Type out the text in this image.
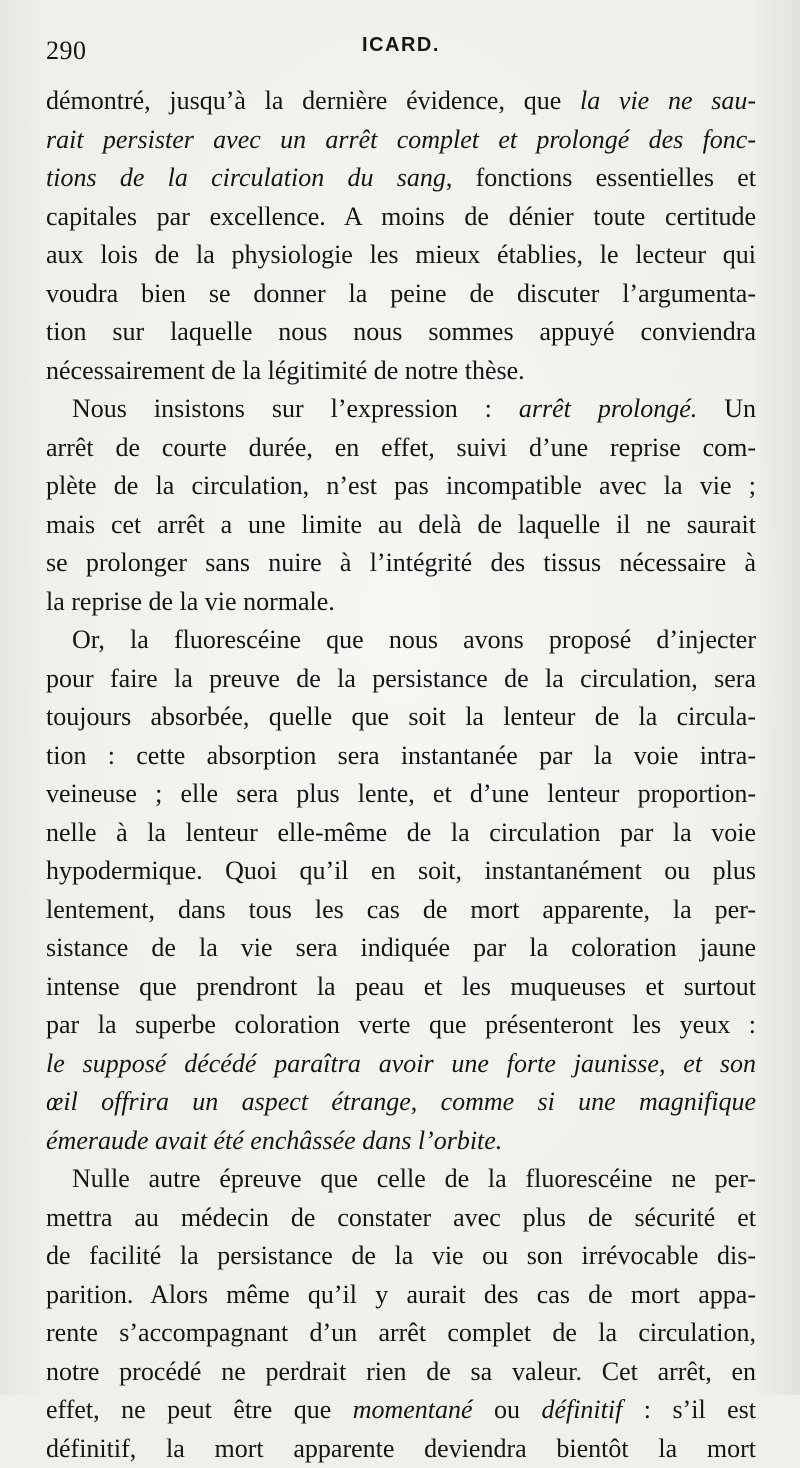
290	ICARD.
démontré, jusqu’à la dernière évidence, que la vie ne sau-
rait persister avec un arrêt complet et prolongé des fonc-
tions de la circulation du sang, fonctions essentielles et
capitales par excellence. A moins de dénier toute certitude
aux lois de la physiologie les mieux établies, le lecteur qui
voudra bien se donner la peine de discuter l’argumenta-
tion sur laquelle nous nous sommes appuyé conviendra
nécessairement de la légitimité de notre thèse.
Nous insistons sur l’expression : arrêt prolongé. Un
arrêt de courte durée, en effet, suivi d’une reprise com-
plète de la circulation, n’est pas incompatible avec la vie ;
mais cet arrêt a une limite au delà de laquelle il ne saurait
se prolonger sans nuire à l’intégrité des tissus nécessaire à
la reprise de la vie normale.
Or, la fluorescéine que nous avons proposé d’injecter
pour faire la preuve de la persistance de la circulation, sera
toujours absorbée, quelle que soit la lenteur de la circula-
tion : cette absorption sera instantanée par la voie intra-
veineuse ; elle sera plus lente, et d’une lenteur proportion-
nelle à la lenteur elle-même de la circulation par la voie
hypodermique. Quoi qu’il en soit, instantanément ou plus
lentement, dans tous les cas de mort apparente, la per-
sistance de la vie sera indiquée par la coloration jaune
intense que prendront la peau et les muqueuses et surtout
par la superbe coloration verte que présenteront les yeux :
le supposé décédé paraîtra avoir une forte jaunisse, et son
œil offrira un aspect étrange, comme si une magnifique
émeraude avait été enchâssée dans l’orbite.
Nulle autre épreuve que celle de la fluorescéine ne per-
mettra au médecin de constater avec plus de sécurité et
de facilité la persistance de la vie ou son irrévocable dis-
parition. Alors même qu’il y aurait des cas de mort appa-
rente s’accompagnant d’un arrêt complet de la circulation,
notre procédé ne perdrait rien de sa valeur. Cet arrêt, en
effet, ne peut être que momentané ou définitif : s’il est
définitif, la mort apparente deviendra bientôt la mort
